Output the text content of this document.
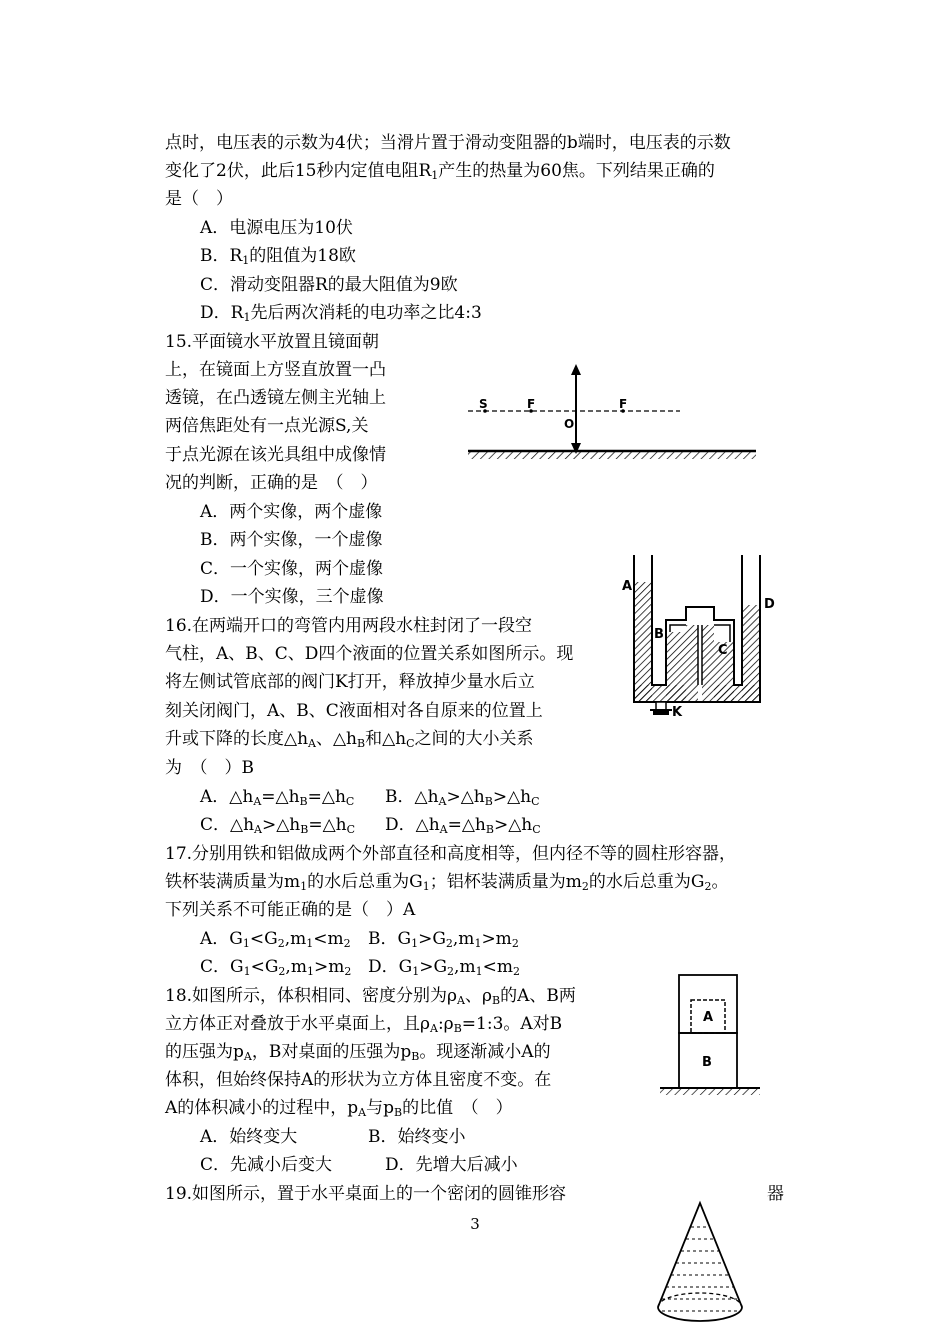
点时，电压表的示数为4伏；当滑片置于滑动变阻器的b端时，电压表的示数
变化了2伏，此后15秒内定值电阻$R_1$产生的热量为60焦。下列结果正确的
是（　）
A．电源电压为10伏
B．$R_1$的阻值为18欧
C．滑动变阻器R的最大阻值为9欧
D．$R_1$先后两次消耗的电功率之比4:3
15.平面镜水平放置且镜面朝
上，在镜面上方竖直放置一凸
透镜，在凸透镜左侧主光轴上
两倍焦距处有一点光源S,关
于点光源在该光具组中成像情
况的判断，正确的是　（　）
A．两个实像，两个虚像
B．两个实像，一个虚像
C．一个实像，两个虚像
D．一个实像，三个虚像
S	F	F
O
16.在两端开口的弯管内用两段水柱封闭了一段空
气柱，A、B、C、D四个液面的位置关系如图所示。现
将左侧试管底部的阀门K打开，释放掉少量水后立
刻关闭阀门，A、B、C液面相对各自原来的位置上
升或下降的长度$\triangle h_A$、$\triangle h_B$和$\triangle h_C$之间的大小关系
为　（　）B
A．$\triangle h_A=\triangle h_B=\triangle h_C$ B．$\triangle h_A>\triangle h_B>\triangle h_C$
C．$\triangle h_A>\triangle h_B=\triangle h_C$ D．$\triangle h_A=\triangle h_B>\triangle h_C$
A
B
C
D
K
17.分别用铁和铝做成两个外部直径和高度相等，但内径不等的圆柱形容器，
铁杯装满质量为$m_1$的水后总重为$G_1$；铝杯装满质量为$m_2$的水后总重为$G_2$。
下列关系不可能正确的是（　）A
A．$G_1<G_2,m_1<m_2$ B．$G_1>G_2,m_1>m_2$
C．$G_1<G_2,m_1>m_2$ D．$G_1>G_2,m_1<m_2$
18.如图所示，体积相同、密度分别为$\rho_A$、$\rho_B$的A、B两
立方体正对叠放于水平桌面上，且$\rho_A:\rho_B=1:3$。A对B
的压强为$p_A$，B对桌面的压强为$p_B$。现逐渐减小A的
体积，但始终保持A的形状为立方体且密度不变。在
A的体积减小的过程中，$p_A$与$p_B$的比值　（　）
A．始终变大	B．始终变小
C．先减小后变大	D．先增大后减小
A
B
19.如图所示，置于水平桌面上的一个密闭的圆锥形容	器
3
